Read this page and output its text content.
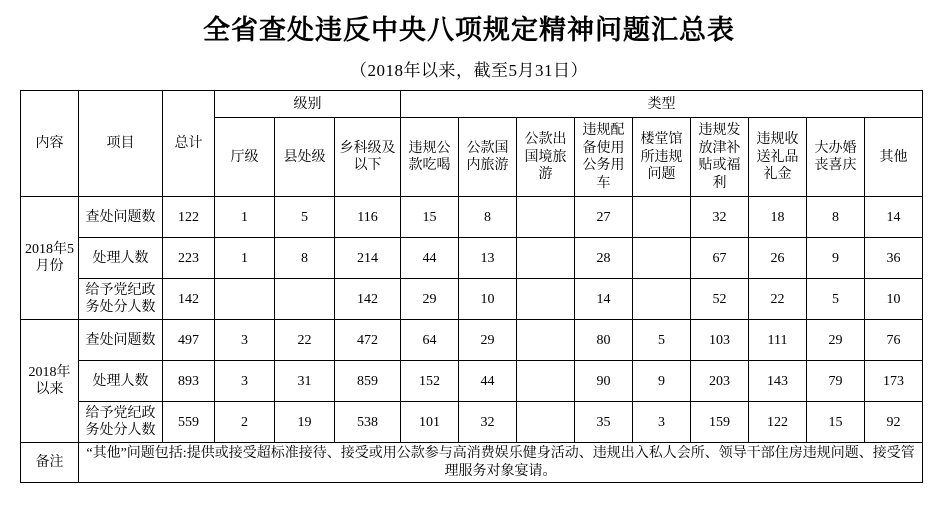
全省查处违反中央八项规定精神问题汇总表
（2018年以来，截至5月31日）
内容	项目	总计	级别			类型								
			厅级	县处级	乡科级及以下	违规公款吃喝	公款国内旅游	公款出国境旅游	违规配备使用公务用车	楼堂馆所违规问题	违规发放津补贴或福利	违规收送礼品礼金	大办婚丧喜庆	其他
2018年5月份	查处问题数	122	1	5	116	15	8		27		32	18	8	14
	处理人数	223	1	8	214	44	13		28		67	26	9	36
	给予党纪政务处分人数	142			142	29	10		14		52	22	5	10
2018年以来	查处问题数	497	3	22	472	64	29		80	5	103	111	29	76
	处理人数	893	3	31	859	152	44		90	9	203	143	79	173
	给予党纪政务处分人数	559	2	19	538	101	32		35	3	159	122	15	92
备注	“其他”问题包括:提供或接受超标准接待、接受或用公款参与高消费娱乐健身活动、违规出入私人会所、领导干部住房违规问题、接受管理服务对象宴请。													
